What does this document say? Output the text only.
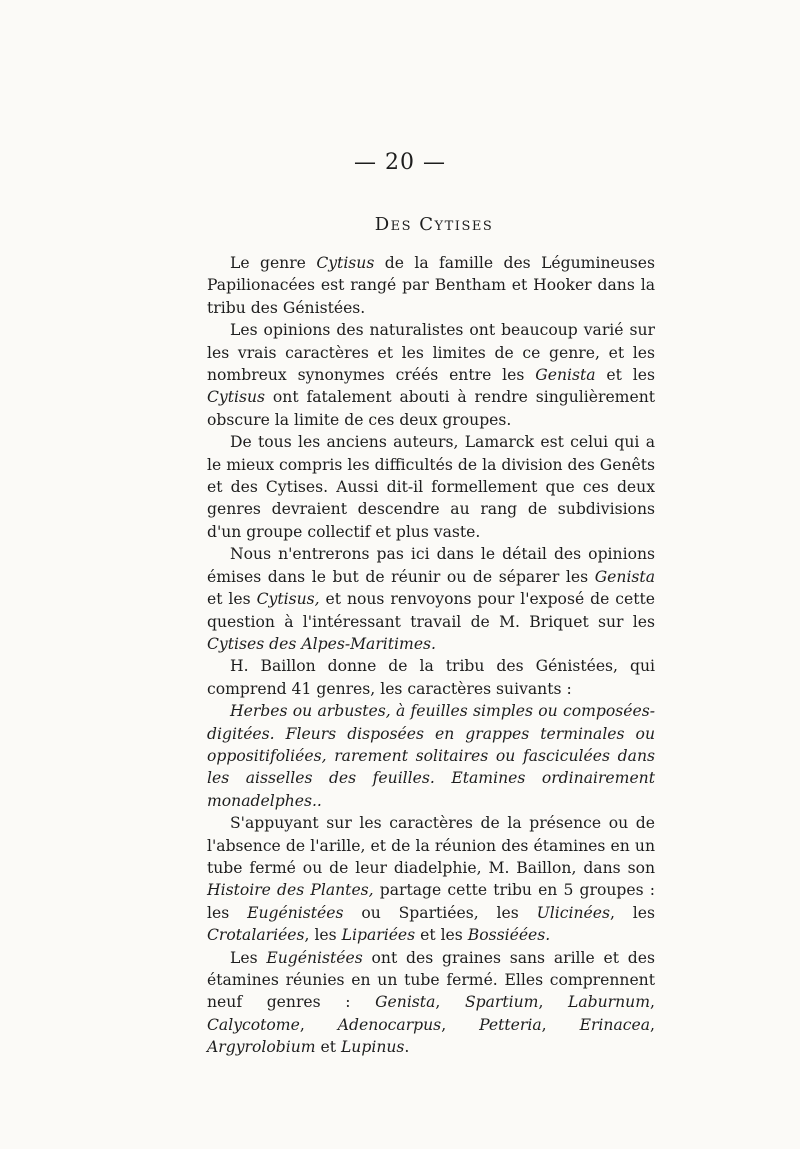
— 20 —
Des Cytises

Le genre Cytisus de la famille des Légumineuses Papilionacées est rangé par Bentham et Hooker dans la tribu des Génistées.

Les opinions des naturalistes ont beaucoup varié sur les vrais caractères et les limites de ce genre, et les nombreux synonymes créés entre les Genista et les Cytisus ont fatalement abouti à rendre singulièrement obscure la limite de ces deux groupes.

De tous les anciens auteurs, Lamarck est celui qui a le mieux compris les difficultés de la division des Genêts et des Cytises. Aussi dit-il formellement que ces deux genres devraient descendre au rang de subdivisions d'un groupe collectif et plus vaste.

Nous n'entrerons pas ici dans le détail des opinions émises dans le but de réunir ou de séparer les Genista et les Cytisus, et nous renvoyons pour l'exposé de cette question à l'intéressant travail de M. Briquet sur les Cytises des Alpes-Maritimes.

H. Baillon donne de la tribu des Génistées, qui comprend 41 genres, les caractères suivants :

Herbes ou arbustes, à feuilles simples ou composées-digitées. Fleurs disposées en grappes terminales ou oppositifoliées, rarement solitaires ou fasciculées dans les aisselles des feuilles. Etamines ordinairement monadelphes..

S'appuyant sur les caractères de la présence ou de l'absence de l'arille, et de la réunion des étamines en un tube fermé ou de leur diadelphie, M. Baillon, dans son Histoire des Plantes, partage cette tribu en 5 groupes : les Eugénistées ou Spartiées, les Ulicinées, les Crotalariées, les Lipariées et les Bossiéées.

Les Eugénistées ont des graines sans arille et des étamines réunies en un tube fermé. Elles comprennent neuf genres : Genista, Spartium, Laburnum, Calycotome, Adenocarpus, Petteria, Erinacea, Argyrolobium et Lupinus.
